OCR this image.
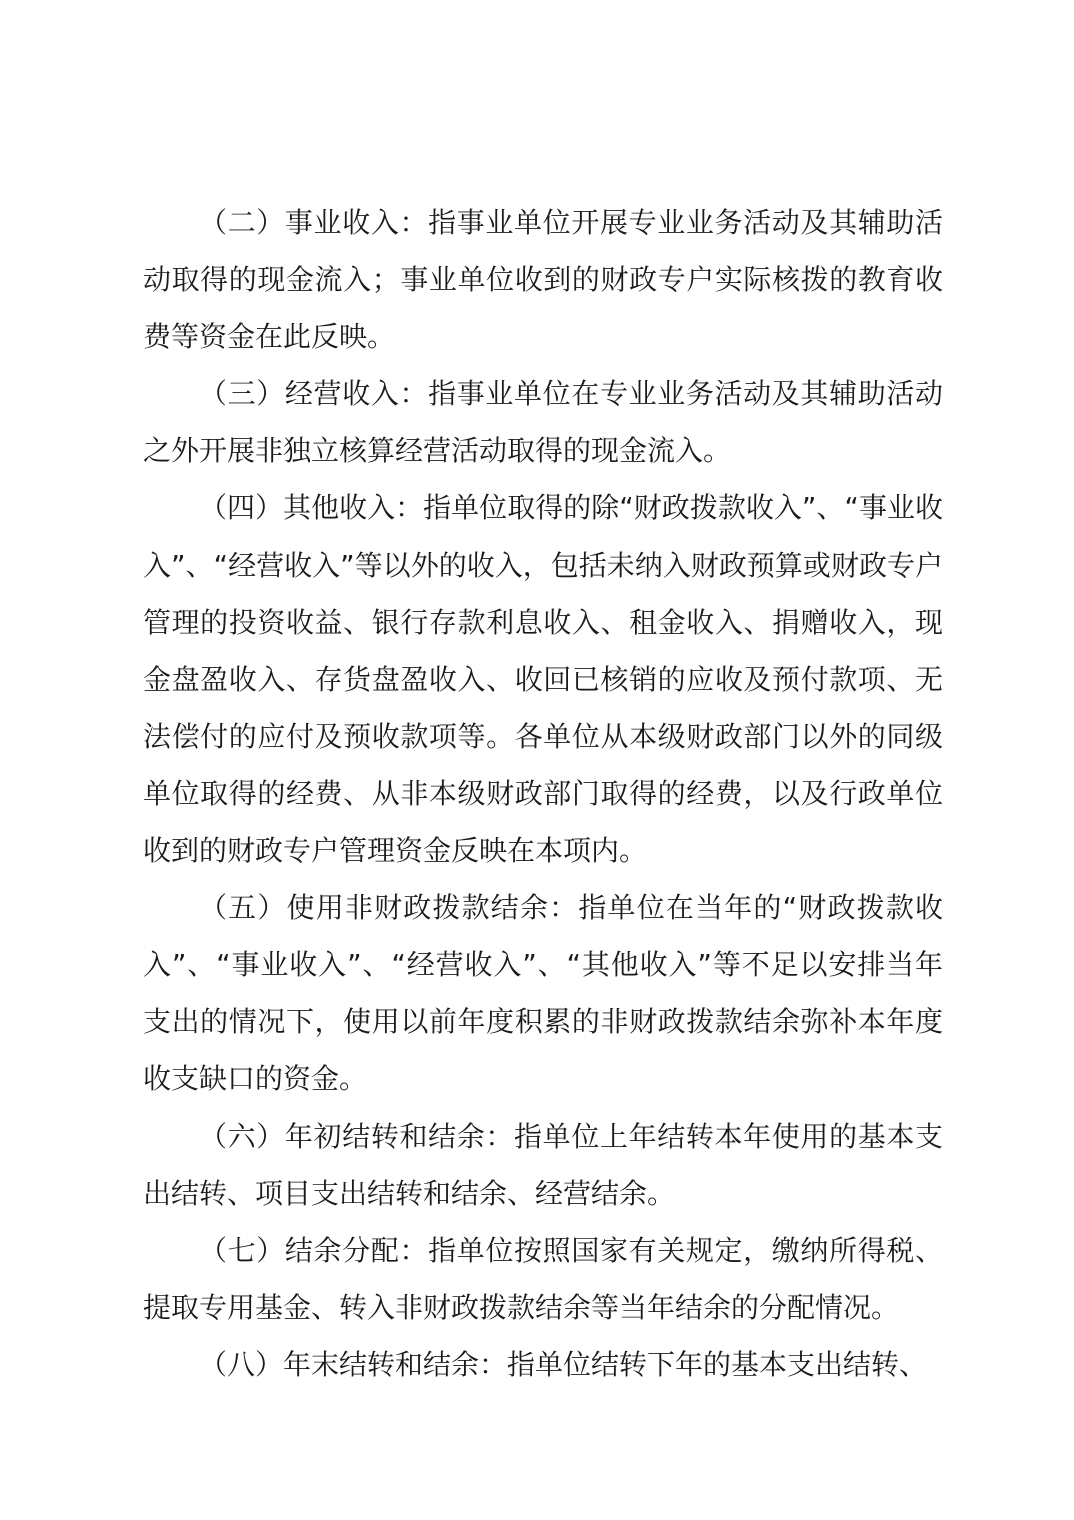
（二）事业收入：指事业单位开展专业业务活动及其辅助活动取得的现金流入；事业单位收到的财政专户实际核拨的教育收费等资金在此反映。

（三）经营收入：指事业单位在专业业务活动及其辅助活动之外开展非独立核算经营活动取得的现金流入。

（四）其他收入：指单位取得的除“财政拨款收入”、“事业收入”、“经营收入”等以外的收入，包括未纳入财政预算或财政专户管理的投资收益、银行存款利息收入、租金收入、捐赠收入，现金盘盈收入、存货盘盈收入、收回已核销的应收及预付款项、无法偿付的应付及预收款项等。各单位从本级财政部门以外的同级单位取得的经费、从非本级财政部门取得的经费，以及行政单位收到的财政专户管理资金反映在本项内。

（五）使用非财政拨款结余：指单位在当年的“财政拨款收入”、“事业收入”、“经营收入”、“其他收入”等不足以安排当年支出的情况下，使用以前年度积累的非财政拨款结余弥补本年度收支缺口的资金。

（六）年初结转和结余：指单位上年结转本年使用的基本支出结转、项目支出结转和结余、经营结余。

（七）结余分配：指单位按照国家有关规定，缴纳所得税、提取专用基金、转入非财政拨款结余等当年结余的分配情况。

（八）年末结转和结余：指单位结转下年的基本支出结转、
